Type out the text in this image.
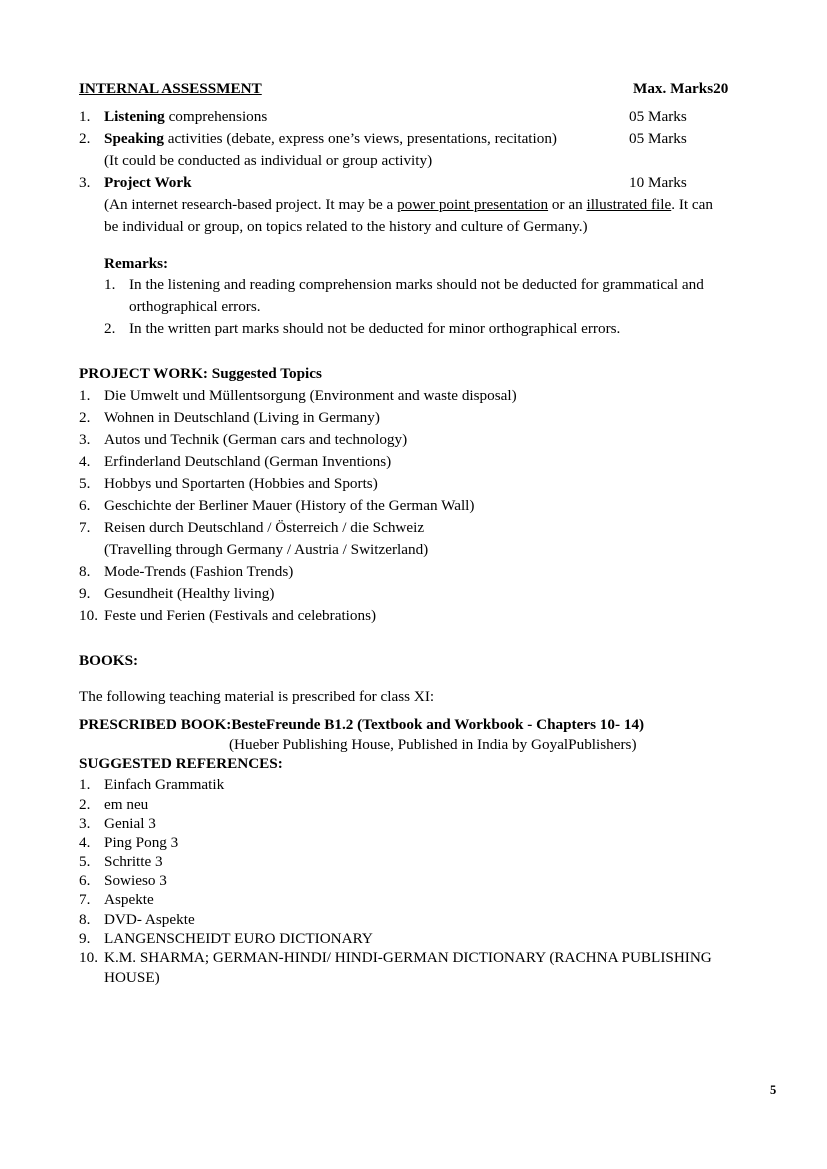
INTERNAL ASSESSMENT	Max. Marks20
1. Listening comprehensions	05 Marks
2. Speaking activities (debate, express one’s views, presentations, recitation)	05 Marks
(It could be conducted as individual or group activity)
3. Project Work	10 Marks
(An internet research-based project. It may be a power point presentation or an illustrated file. It can
be individual or group, on topics related to the history and culture of Germany.)
Remarks:
1. In the listening and reading comprehension marks should not be deducted for grammatical and
orthographical errors.
2. In the written part marks should not be deducted for minor orthographical errors.
PROJECT WORK: Suggested Topics
1. Die Umwelt und Müllentsorgung (Environment and waste disposal)
2. Wohnen in Deutschland (Living in Germany)
3. Autos und Technik (German cars and technology)
4. Erfinderland Deutschland (German Inventions)
5. Hobbys und Sportarten (Hobbies and Sports)
6. Geschichte der Berliner Mauer (History of the German Wall)
7. Reisen durch Deutschland / Österreich / die Schweiz
(Travelling through Germany / Austria / Switzerland)
8. Mode-Trends (Fashion Trends)
9. Gesundheit (Healthy living)
10. Feste und Ferien (Festivals and celebrations)
BOOKS:
The following teaching material is prescribed for class XI:
PRESCRIBED BOOK:BesteFreunde B1.2 (Textbook and Workbook - Chapters 10- 14)
(Hueber Publishing House, Published in India by GoyalPublishers)
SUGGESTED REFERENCES:
1. Einfach Grammatik
2. em neu
3. Genial 3
4. Ping Pong 3
5. Schritte 3
6. Sowieso 3
7. Aspekte
8. DVD- Aspekte
9. LANGENSCHEIDT EURO DICTIONARY
10. K.M. SHARMA; GERMAN-HINDI/ HINDI-GERMAN DICTIONARY (RACHNA PUBLISHING
HOUSE)
5
